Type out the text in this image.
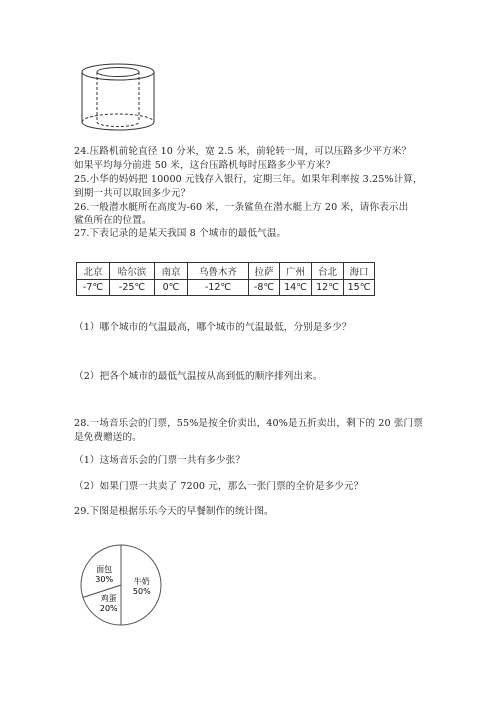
24.压路机前轮直径 10 分米，宽 2.5 米，前轮转一周，可以压路多少平方米？
如果平均每分前进 50 米，这台压路机每时压路多少平方米？
25.小华的妈妈把 10000 元钱存入银行，定期三年。如果年利率按 3.25%计算，
到期一共可以取回多少元？
26.一般潜水艇所在高度为-60 米，一条鲨鱼在潜水艇上方 20 米，请你表示出
鲨鱼所在的位置。
27.下表记录的是某天我国 8 个城市的最低气温。
北京	哈尔滨	南京	乌鲁木齐	拉萨	广州	台北	海口
-7℃	-25℃	0℃	-12℃	-8℃	14℃	12℃	15℃
（1）哪个城市的气温最高，哪个城市的气温最低，分别是多少？
（2）把各个城市的最低气温按从高到低的顺序排列出来。
28.一场音乐会的门票，55%是按全价卖出，40%是五折卖出，剩下的 20 张门票
是免费赠送的。
（1）这场音乐会的门票一共有多少张？
（2）如果门票一共卖了 7200 元，那么一张门票的全价是多少元？
29.下图是根据乐乐今天的早餐制作的统计图。
牛奶
50%
鸡蛋
20%
面包
30%
